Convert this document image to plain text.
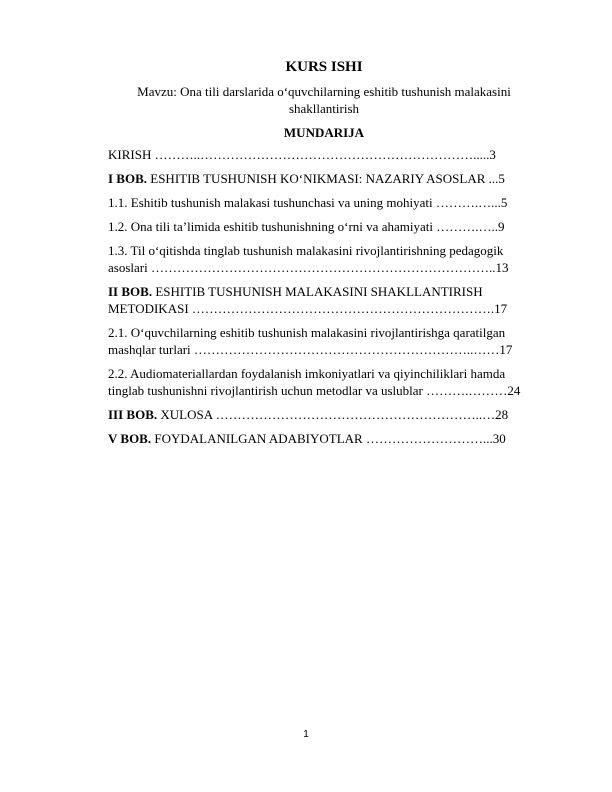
KURS ISHI
Mavzu: Ona tili darslarida o‘quvchilarning eshitib tushunish malakasini shakllantirish
MUNDARIJA
KIRISH ………..……………………………………………………….....3
I BOB. ESHITIB TUSHUNISH KO‘NIKMASI: NAZARIY ASOSLAR ...5
1.1. Eshitib tushunish malakasi tushunchasi va uning mohiyati ……….…...5
1.2. Ona tili ta’limida eshitib tushunishning o‘rni va ahamiyati ……….…..9
1.3. Til o‘qitishda tinglab tushunish malakasini rivojlantirishning pedagogik asoslari ……………………………………………………………………..13
II BOB. ESHITIB TUSHUNISH MALAKASINI SHAKLLANTIRISH METODIKASI …………………………………………………………….17
2.1. O‘quvchilarning eshitib tushunish malakasini rivojlantirishga qaratilgan mashqlar turlari ………………………………………………………..……17
2.2. Audiomateriallardan foydalanish imkoniyatlari va qiyinchiliklari hamda tinglab tushunishni rivojlantirish uchun metodlar va uslublar ……….………24
III BOB. XULOSA ……………………………………………………..…28
V BOB. FOYDALANILGAN ADABIYOTLAR ………………………...30
1
